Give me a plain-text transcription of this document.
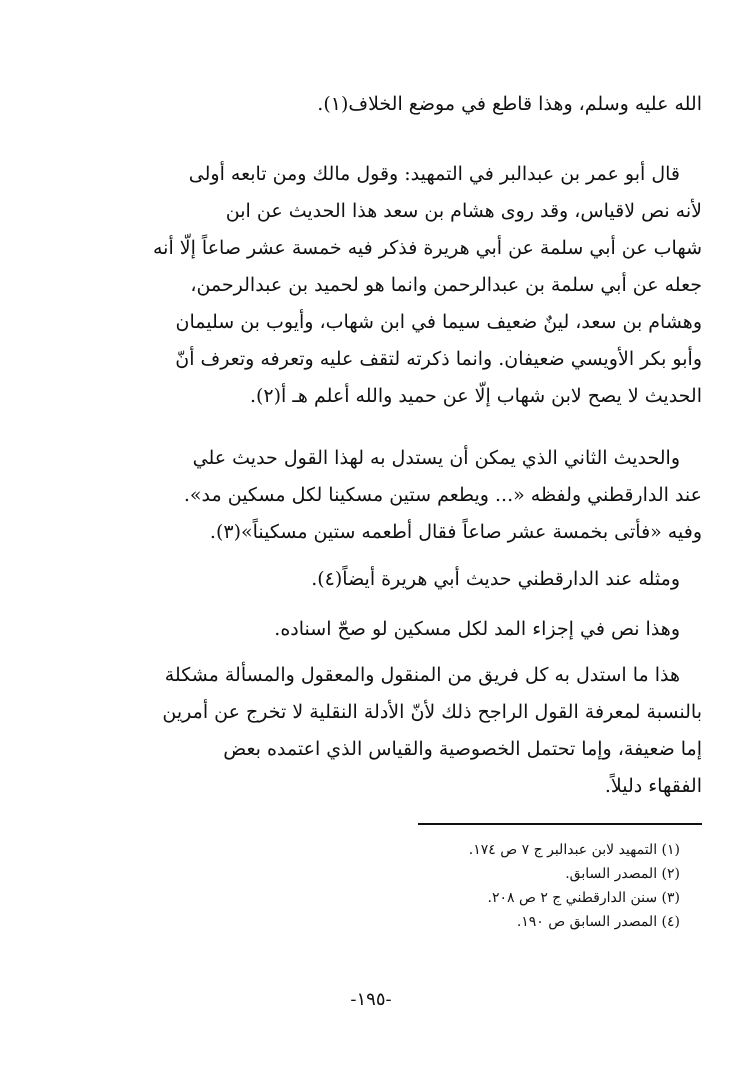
الله عليه وسلم، وهذا قاطع في موضع الخلاف(١).
قال أبو عمر بن عبدالبر في التمهيد: وقول مالك ومن تابعه أولى
لأنه نص لاقياس، وقد روى هشام بن سعد هذا الحديث عن ابن
شهاب عن أبي سلمة عن أبي هريرة فذكر فيه خمسة عشر صاعاً إلّا أنه
جعله عن أبي سلمة بن عبدالرحمن وانما هو لحميد بن عبدالرحمن،
وهشام بن سعد، لينٌ ضعيف سيما في ابن شهاب، وأيوب بن سليمان
وأبو بكر الأويسي ضعيفان. وانما ذكرته لتقف عليه وتعرفه وتعرف أنّ
الحديث لا يصح لابن شهاب إلّا عن حميد والله أعلم هـ أ(٢).
والحديث الثاني الذي يمكن أن يستدل به لهذا القول حديث علي
عند الدارقطني ولفظه «... ويطعم ستين مسكينا لكل مسكين مد».
وفيه «فأتى بخمسة عشر صاعاً فقال أطعمه ستين مسكيناً»(٣).
ومثله عند الدارقطني حديث أبي هريرة أيضاً(٤).
وهذا نص في إجزاء المد لكل مسكين لو صحّ اسناده.
هذا ما استدل به كل فريق من المنقول والمعقول والمسألة مشكلة
بالنسبة لمعرفة القول الراجح ذلك لأنّ الأدلة النقلية لا تخرج عن أمرين
إما ضعيفة، وإما تحتمل الخصوصية والقياس الذي اعتمده بعض
الفقهاء دليلاً.
(١) التمهيد لابن عبدالبر ج ٧ ص ١٧٤.
(٢) المصدر السابق.
(٣) سنن الدارقطني ج ٢ ص ٢٠٨.
(٤) المصدر السابق ص ١٩٠.
-١٩٥-
